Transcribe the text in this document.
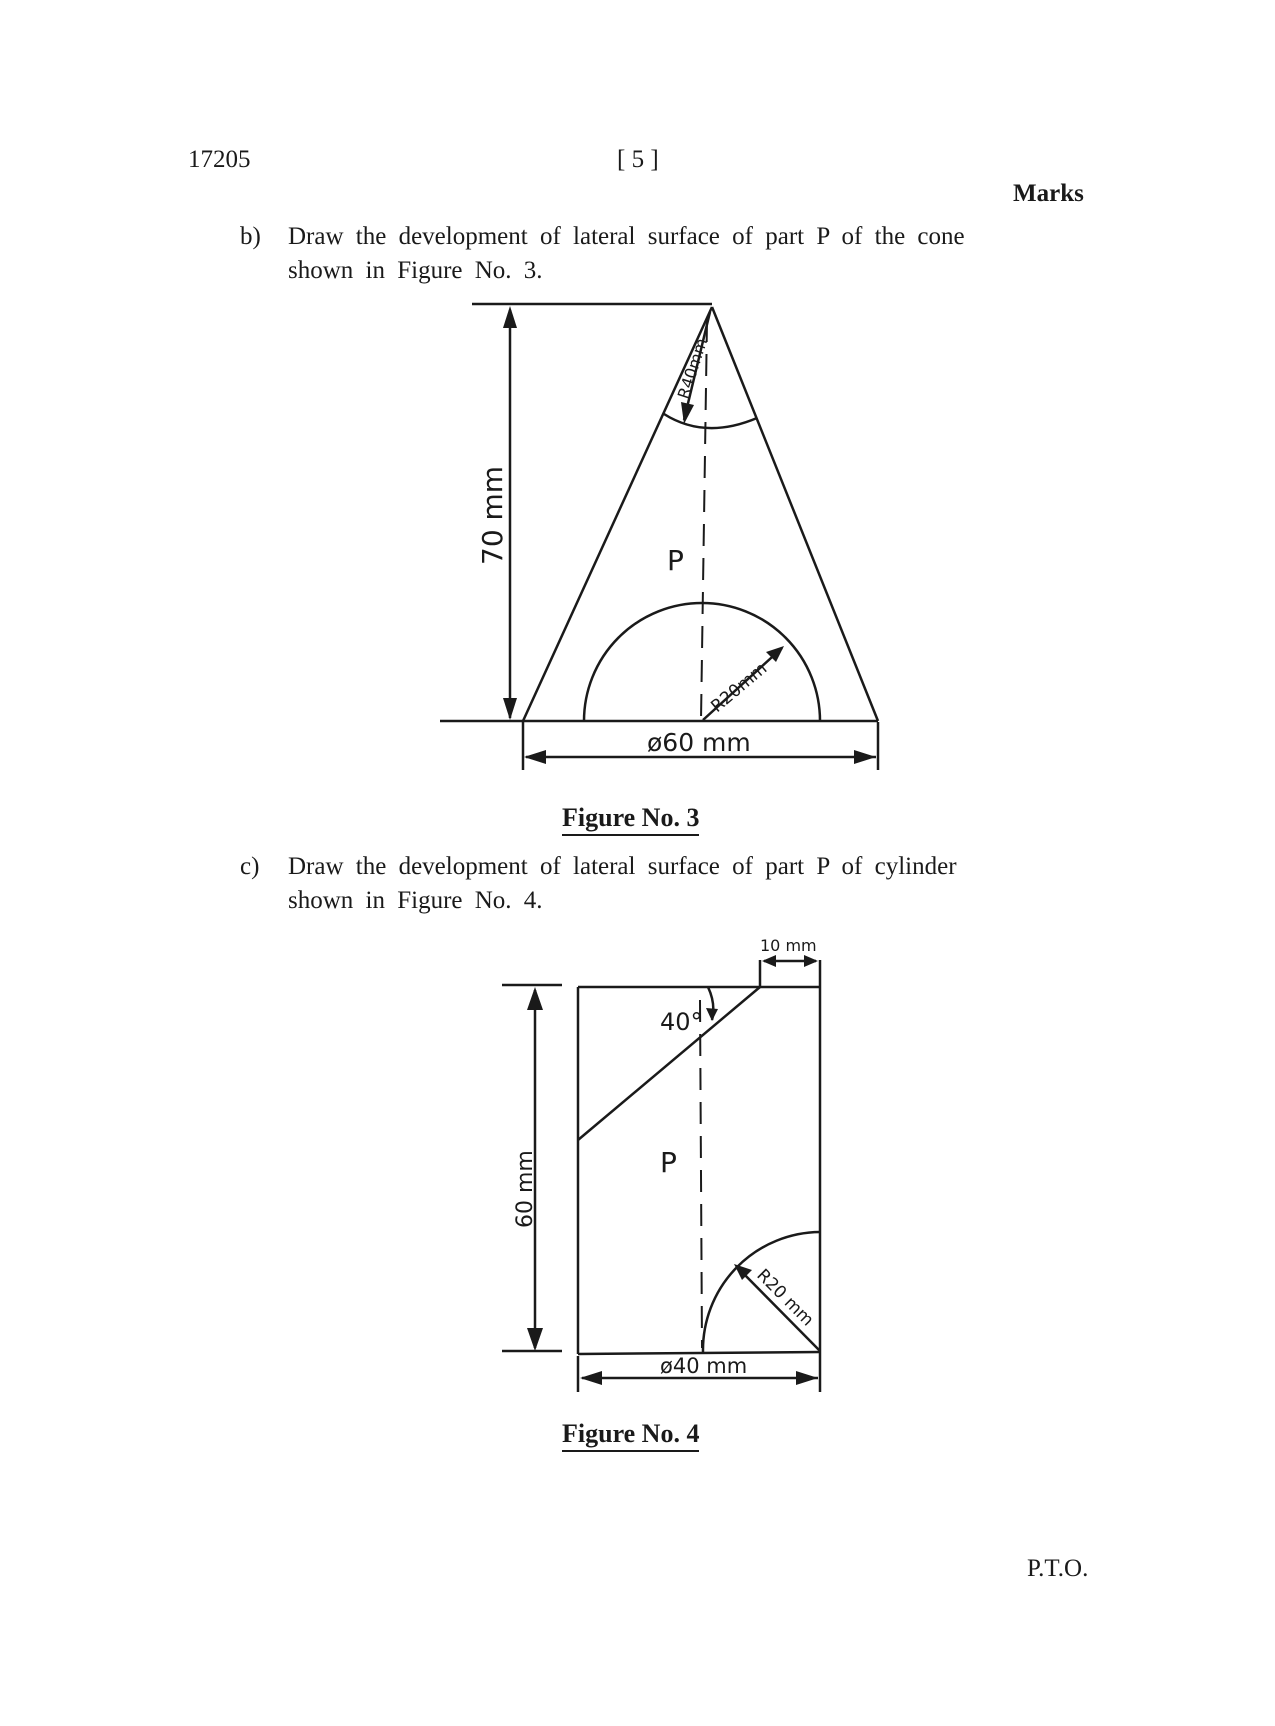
17205	[ 5 ]
Marks
b) Draw the development of lateral surface of part P of the cone
shown in Figure No. 3.
70 mm
R40mm
P
R20mm
ø60 mm
Figure No. 3
c) Draw the development of lateral surface of part P of cylinder
shown in Figure No. 4.
10 mm
40°
60 mm	P
R20 mm
ø40 mm
Figure No. 4
P.T.O.
